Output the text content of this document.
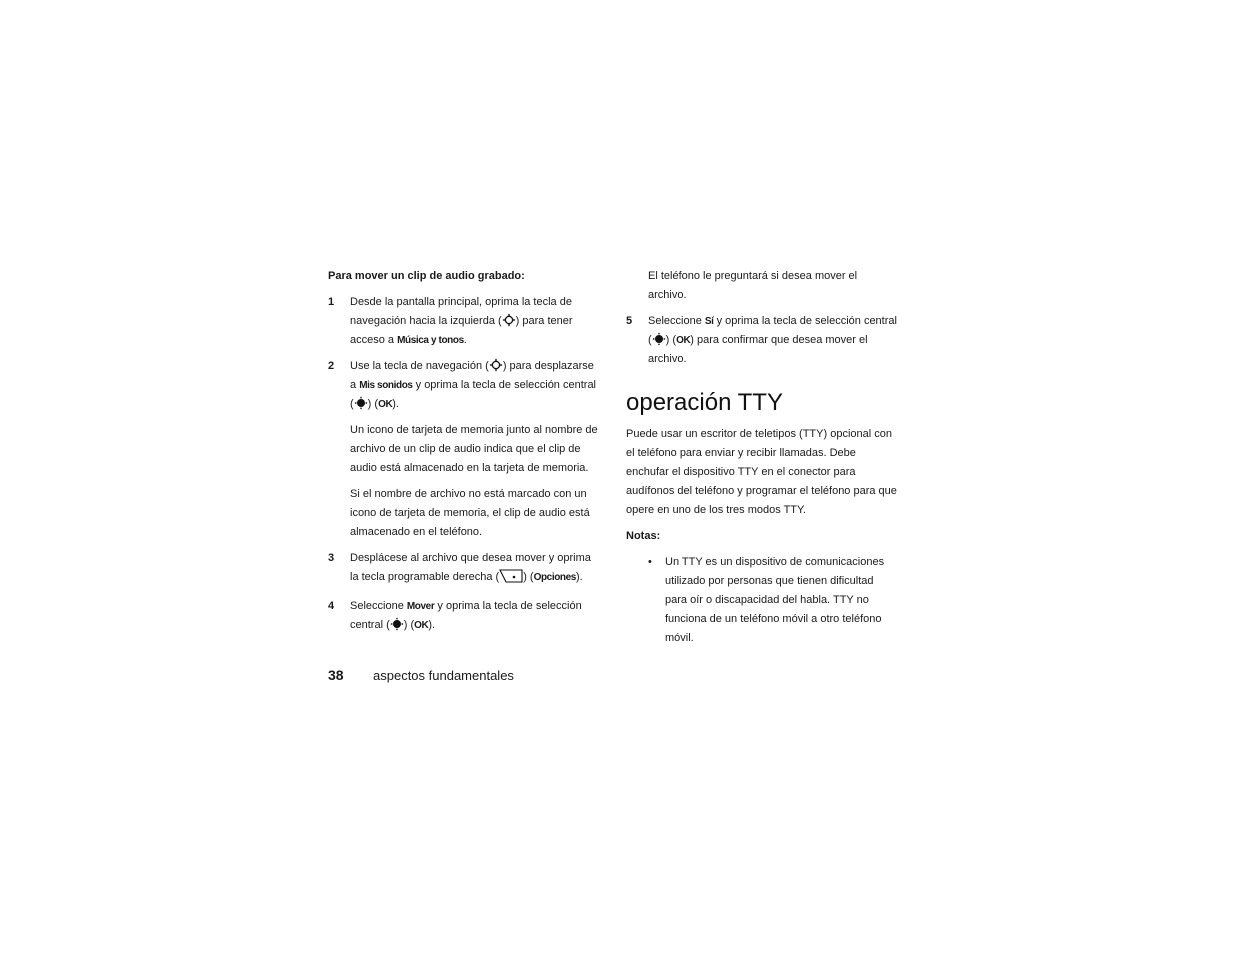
Para mover un clip de audio grabado:
1 Desde la pantalla principal, oprima la tecla de navegación hacia la izquierda ( ) para tener acceso a Música y tonos.
2 Use la tecla de navegación ( ) para desplazarse a Mis sonidos y oprima la tecla de selección central ( ) (OK).
Un icono de tarjeta de memoria junto al nombre de archivo de un clip de audio indica que el clip de audio está almacenado en la tarjeta de memoria.
Si el nombre de archivo no está marcado con un icono de tarjeta de memoria, el clip de audio está almacenado en el teléfono.
3 Desplácese al archivo que desea mover y oprima la tecla programable derecha ( ) (Opciones).
4 Seleccione Mover y oprima la tecla de selección central ( ) (OK).
El teléfono le preguntará si desea mover el archivo.
5 Seleccione Sí y oprima la tecla de selección central ( ) (OK) para confirmar que desea mover el archivo.
operación TTY
Puede usar un escritor de teletipos (TTY) opcional con el teléfono para enviar y recibir llamadas. Debe enchufar el dispositivo TTY en el conector para audífonos del teléfono y programar el teléfono para que opere en uno de los tres modos TTY.
Notas:
• Un TTY es un dispositivo de comunicaciones utilizado por personas que tienen dificultad para oír o discapacidad del habla. TTY no funciona de un teléfono móvil a otro teléfono móvil.
38 aspectos fundamentales
